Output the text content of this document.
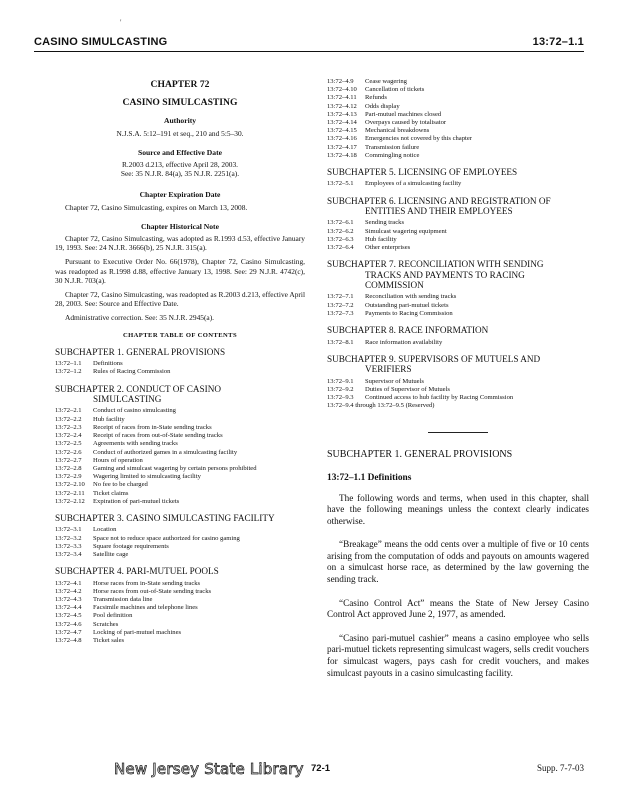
'
CASINO SIMULCASTING	13:72–1.1
CHAPTER 72
CASINO SIMULCASTING
Authority
N.J.S.A. 5:12–191 et seq., 210 and 5:5–30.
Source and Effective Date
R.2003 d.213, effective April 28, 2003.
See: 35 N.J.R. 84(a), 35 N.J.R. 2251(a).
Chapter Expiration Date
Chapter 72, Casino Simulcasting, expires on March 13, 2008.
Chapter Historical Note
Chapter 72, Casino Simulcasting, was adopted as R.1993 d.53, effective January 19, 1993. See: 24 N.J.R. 3666(b), 25 N.J.R. 315(a).
Pursuant to Executive Order No. 66(1978), Chapter 72, Casino Simulcasting, was readopted as R.1998 d.88, effective January 13, 1998. See: 29 N.J.R. 4742(c), 30 N.J.R. 703(a).
Chapter 72, Casino Simulcasting, was readopted as R.2003 d.213, effective April 28, 2003. See: Source and Effective Date.
Administrative correction. See: 35 N.J.R. 2945(a).
CHAPTER TABLE OF CONTENTS
SUBCHAPTER 1. GENERAL PROVISIONS
13:72–1.1	Definitions
13:72–1.2	Rules of Racing Commission
SUBCHAPTER 2. CONDUCT OF CASINO
SIMULCASTING
13:72–2.1	Conduct of casino simulcasting
13:72–2.2	Hub facility
13:72–2.3	Receipt of races from in-State sending tracks
13:72–2.4	Receipt of races from out-of-State sending tracks
13:72–2.5	Agreements with sending tracks
13:72–2.6	Conduct of authorized games in a simulcasting facility
13:72–2.7	Hours of operation
13:72–2.8	Gaming and simulcast wagering by certain persons prohibited
13:72–2.9	Wagering limited to simulcasting facility
13:72–2.10	No fee to be charged
13:72–2.11	Ticket claims
13:72–2.12	Expiration of pari-mutuel tickets
SUBCHAPTER 3. CASINO SIMULCASTING FACILITY
13:72–3.1	Location
13:72–3.2	Space not to reduce space authorized for casino gaming
13:72–3.3	Square footage requirements
13:72–3.4	Satellite cage
SUBCHAPTER 4. PARI-MUTUEL POOLS
13:72–4.1	Horse races from in-State sending tracks
13:72–4.2	Horse races from out-of-State sending tracks
13:72–4.3	Transmission data line
13:72–4.4	Facsimile machines and telephone lines
13:72–4.5	Pool definition
13:72–4.6	Scratches
13:72–4.7	Locking of pari-mutuel machines
13:72–4.8	Ticket sales
13:72–4.9	Cease wagering
13:72–4.10	Cancellation of tickets
13:72–4.11	Refunds
13:72–4.12	Odds display
13:72–4.13	Pari-mutuel machines closed
13:72–4.14	Overpays caused by totalisator
13:72–4.15	Mechanical breakdowns
13:72–4.16	Emergencies not covered by this chapter
13:72–4.17	Transmission failure
13:72–4.18	Commingling notice
SUBCHAPTER 5. LICENSING OF EMPLOYEES
13:72–5.1	Employees of a simulcasting facility
SUBCHAPTER 6. LICENSING AND REGISTRATION OF
ENTITIES AND THEIR EMPLOYEES
13:72–6.1	Sending tracks
13:72–6.2	Simulcast wagering equipment
13:72–6.3	Hub facility
13:72–6.4	Other enterprises
SUBCHAPTER 7. RECONCILIATION WITH SENDING
TRACKS AND PAYMENTS TO RACING
COMMISSION
13:72–7.1	Reconciliation with sending tracks
13:72–7.2	Outstanding pari-mutuel tickets
13:72–7.3	Payments to Racing Commission
SUBCHAPTER 8. RACE INFORMATION
13:72–8.1	Race information availability
SUBCHAPTER 9. SUPERVISORS OF MUTUELS AND
VERIFIERS
13:72–9.1	Supervisor of Mutuels
13:72–9.2	Duties of Supervisor of Mutuels
13:72–9.3	Continued access to hub facility by Racing Commission
13:72–9.4 through 13:72–9.5 (Reserved)
SUBCHAPTER 1. GENERAL PROVISIONS
13:72–1.1 Definitions
The following words and terms, when used in this chapter, shall have the following meanings unless the context clearly indicates otherwise.
“Breakage” means the odd cents over a multiple of five or 10 cents arising from the computation of odds and payouts on amounts wagered on a simulcast horse race, as determined by the law governing the sending track.
“Casino Control Act” means the State of New Jersey Casino Control Act approved June 2, 1977, as amended.
“Casino pari-mutuel cashier” means a casino employee who sells pari-mutuel tickets representing simulcast wagers, sells credit vouchers for simulcast wagers, pays cash for credit vouchers, and makes simulcast payouts in a casino simulcasting facility.
New Jersey State Library 72-1	Supp. 7-7-03
